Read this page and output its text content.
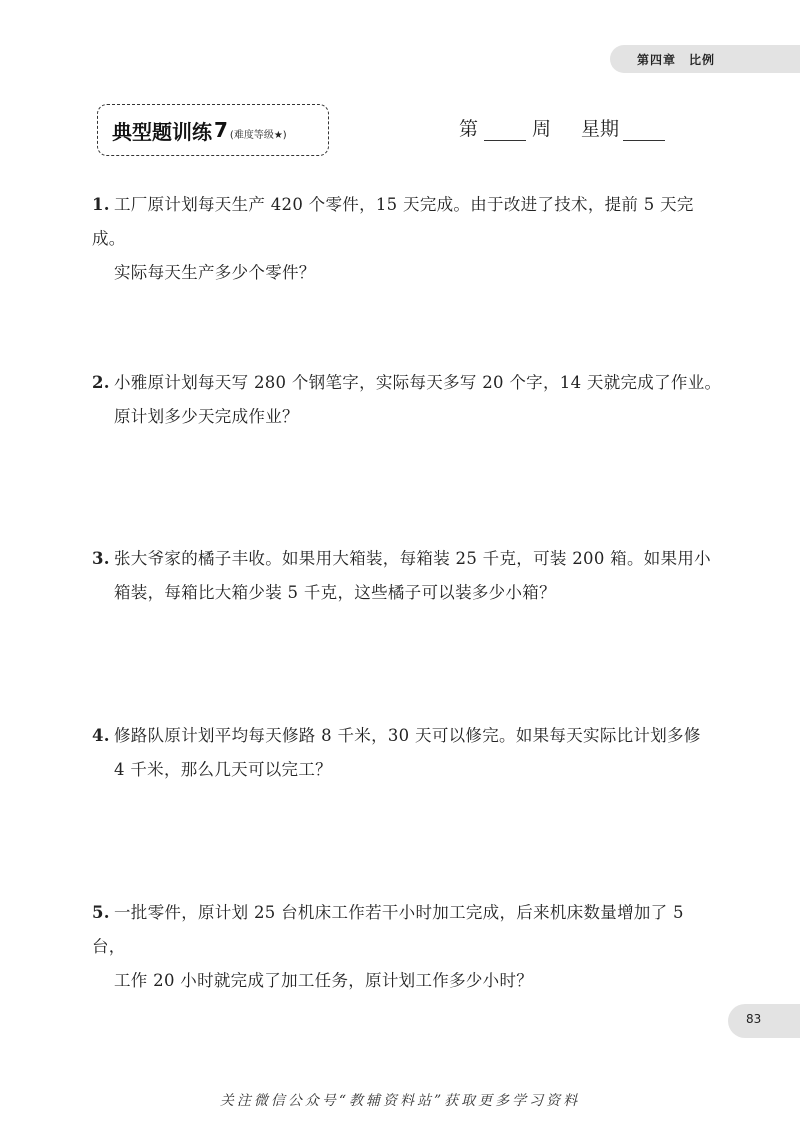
第四章　比例
典型题训练 7 (难度等级★)	第	周 星期
1. 工厂原计划每天生产 420 个零件，15 天完成。由于改进了技术，提前 5 天完成。
实际每天生产多少个零件？
2. 小雅原计划每天写 280 个钢笔字，实际每天多写 20 个字，14 天就完成了作业。
原计划多少天完成作业？
3. 张大爷家的橘子丰收。如果用大箱装，每箱装 25 千克，可装 200 箱。如果用小
箱装，每箱比大箱少装 5 千克，这些橘子可以装多少小箱？
4. 修路队原计划平均每天修路 8 千米，30 天可以修完。如果每天实际比计划多修
4 千米，那么几天可以完工？
5. 一批零件，原计划 25 台机床工作若干小时加工完成，后来机床数量增加了 5 台，
工作 20 小时就完成了加工任务，原计划工作多少小时？
83
关注微信公众号“教辅资料站”获取更多学习资料
